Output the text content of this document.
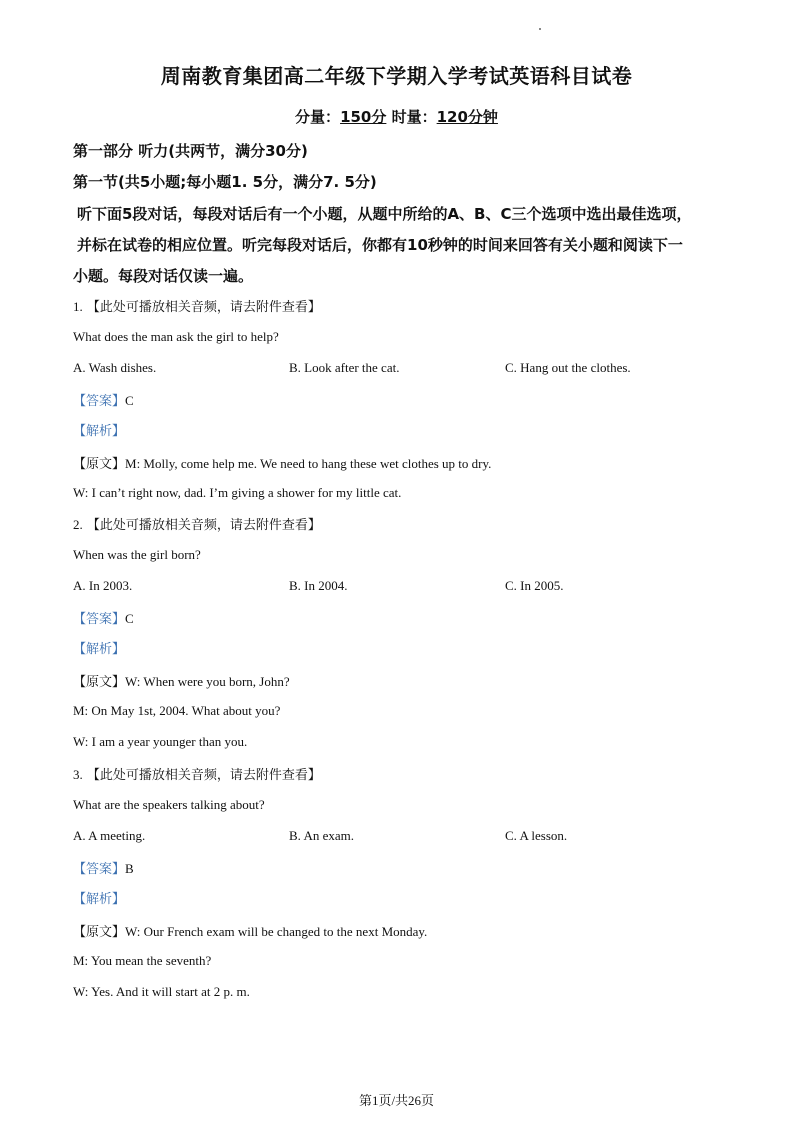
周南教育集团高二年级下学期入学考试英语科目试卷
分量：150分 时量：120分钟
第一部分 听力(共两节，满分30分)
第一节(共5小题;每小题1. 5分，满分7. 5分)
听下面5段对话，每段对话后有一个小题，从题中所给的A、B、C三个选项中选出最佳选项，
并标在试卷的相应位置。听完每段对话后，你都有10秒钟的时间来回答有关小题和阅读下一
小题。每段对话仅读一遍。
1. 【此处可播放相关音频，请去附件查看】
What does the man ask the girl to help?
A. Wash dishes.	B. Look after the cat.	C. Hang out the clothes.
【答案】C
【解析】
【原文】M: Molly, come help me. We need to hang these wet clothes up to dry.
W: I can’t right now, dad. I’m giving a shower for my little cat.
2. 【此处可播放相关音频，请去附件查看】
When was the girl born?
A. In 2003.	B. In 2004.	C. In 2005.
【答案】C
【解析】
【原文】W: When were you born, John?
M: On May 1st, 2004. What about you?
W: I am a year younger than you.
3. 【此处可播放相关音频，请去附件查看】
What are the speakers talking about?
A. A meeting.	B. An exam.	C. A lesson.
【答案】B
【解析】
【原文】W: Our French exam will be changed to the next Monday.
M: You mean the seventh?
W: Yes. And it will start at 2 p. m.
第1页/共26页
